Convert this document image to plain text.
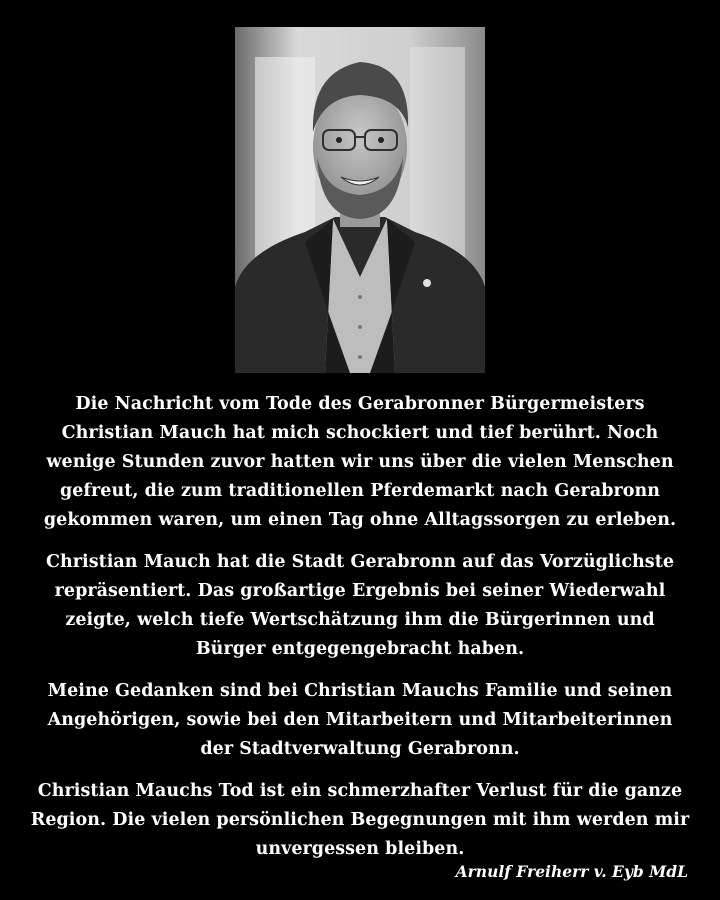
Die Nachricht vom Tode des Gerabronner Bürgermeisters Christian Mauch hat mich schockiert und tief berührt. Noch wenige Stunden zuvor hatten wir uns über die vielen Menschen gefreut, die zum traditionellen Pferdemarkt nach Gerabronn gekommen waren, um einen Tag ohne Alltagssorgen zu erleben.

Christian Mauch hat die Stadt Gerabronn auf das Vorzüglichste repräsentiert. Das großartige Ergebnis bei seiner Wiederwahl zeigte, welch tiefe Wertschätzung ihm die Bürgerinnen und Bürger entgegengebracht haben.

Meine Gedanken sind bei Christian Mauchs Familie und seinen Angehörigen, sowie bei den Mitarbeitern und Mitarbeiterinnen der Stadtverwaltung Gerabronn.

Christian Mauchs Tod ist ein schmerzhafter Verlust für die ganze Region. Die vielen persönlichen Begegnungen mit ihm werden mir unvergessen bleiben.

Arnulf Freiherr v. Eyb MdL
